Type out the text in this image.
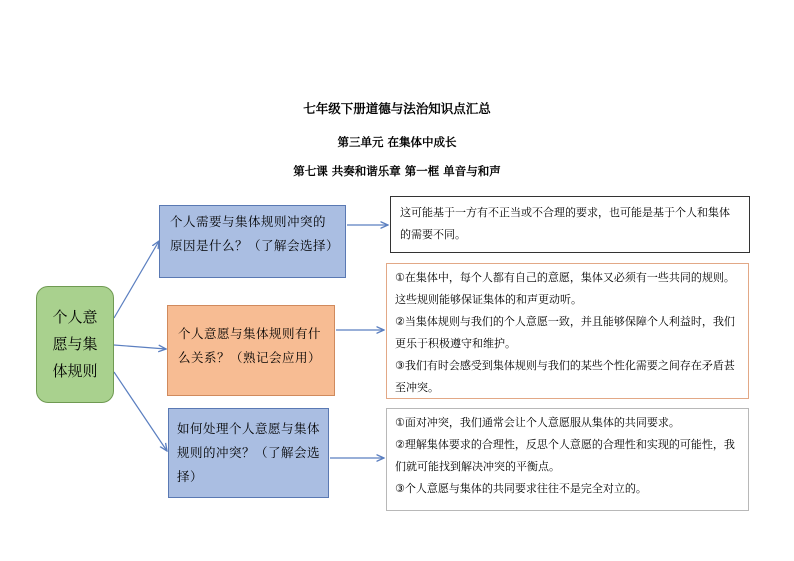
七年级下册道德与法治知识点汇总
第三单元 在集体中成长
第七课 共奏和谐乐章 第一框 单音与和声
个人意愿与集体规则
个人需要与集体规则冲突的原因是什么？（了解会选择）
个人意愿与集体规则有什么关系？（熟记会应用）
如何处理个人意愿与集体规则的冲突？（了解会选择）

这可能基于一方有不正当或不合理的要求，也可能是基于个人和集体的需要不同。

①在集体中，每个人都有自己的意愿，集体又必须有一些共同的规则。这些规则能够保证集体的和声更动听。

②当集体规则与我们的个人意愿一致，并且能够保障个人利益时，我们更乐于积极遵守和维护。

③我们有时会感受到集体规则与我们的某些个性化需要之间存在矛盾甚至冲突。

①面对冲突，我们通常会让个人意愿服从集体的共同要求。

②理解集体要求的合理性，反思个人意愿的合理性和实现的可能性，我们就可能找到解决冲突的平衡点。

③个人意愿与集体的共同要求往往不是完全对立的。
